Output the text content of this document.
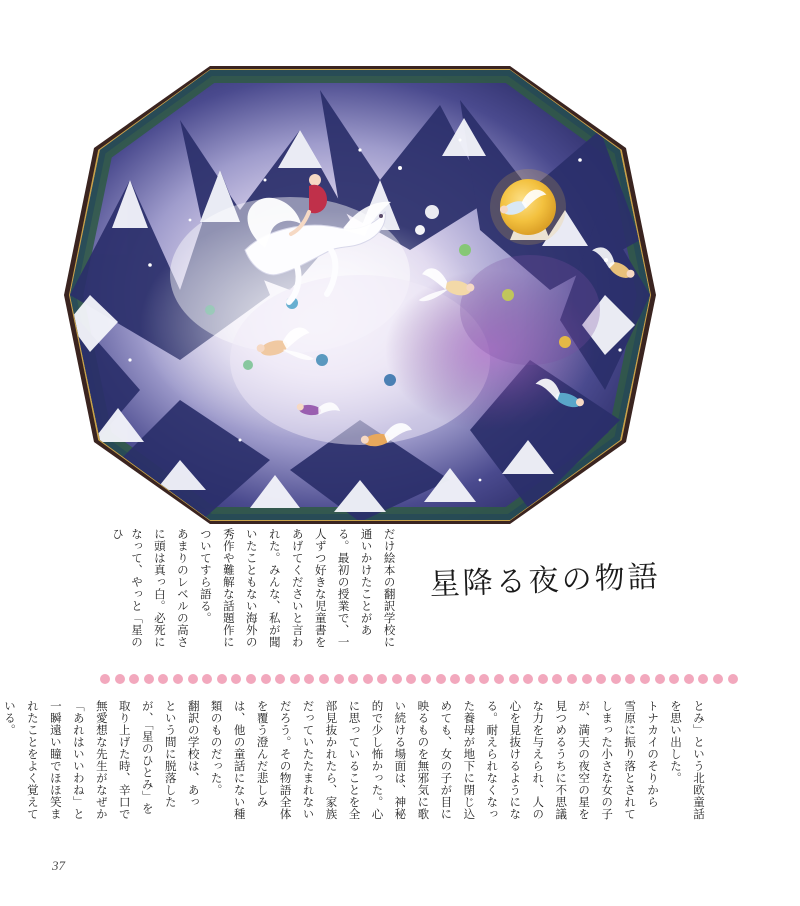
星降る夜の物語
だけ絵本の翻訳学校に
通いかけたことがあ
る。最初の授業で、一
人ずつ好きな児童書を
あげてくださいと言わ
れた。みんな、私が聞
いたこともない海外の
秀作や難解な話題作に
ついてすら語る。
あまりのレベルの高さ
に頭は真っ白。必死に
なって、やっと「星のひ
とみ」という北欧童話
を思い出した。
トナカイのそりから
雪原に振り落とされて
しまった小さな女の子
が、満天の夜空の星を
見つめるうちに不思議
な力を与えられ、人の
心を見抜けるようにな
る。耐えられなくなっ
た養母が地下に閉じ込
めても、女の子が目に
映るものを無邪気に歌
い続ける場面は、神秘
的で少し怖かった。心
に思っていることを全
部見抜かれたら、家族
だっていたたまれない
だろう。その物語全体
を覆う澄んだ悲しみ
は、他の童話にない種
類のものだった。
翻訳の学校は、あっ
という間に脱落した
が、「星のひとみ」を
取り上げた時、辛口で
無愛想な先生がなぜか
「あれはいいわね」と
一瞬遠い瞳でほほ笑ま
れたことをよく覚えて
いる。
37
